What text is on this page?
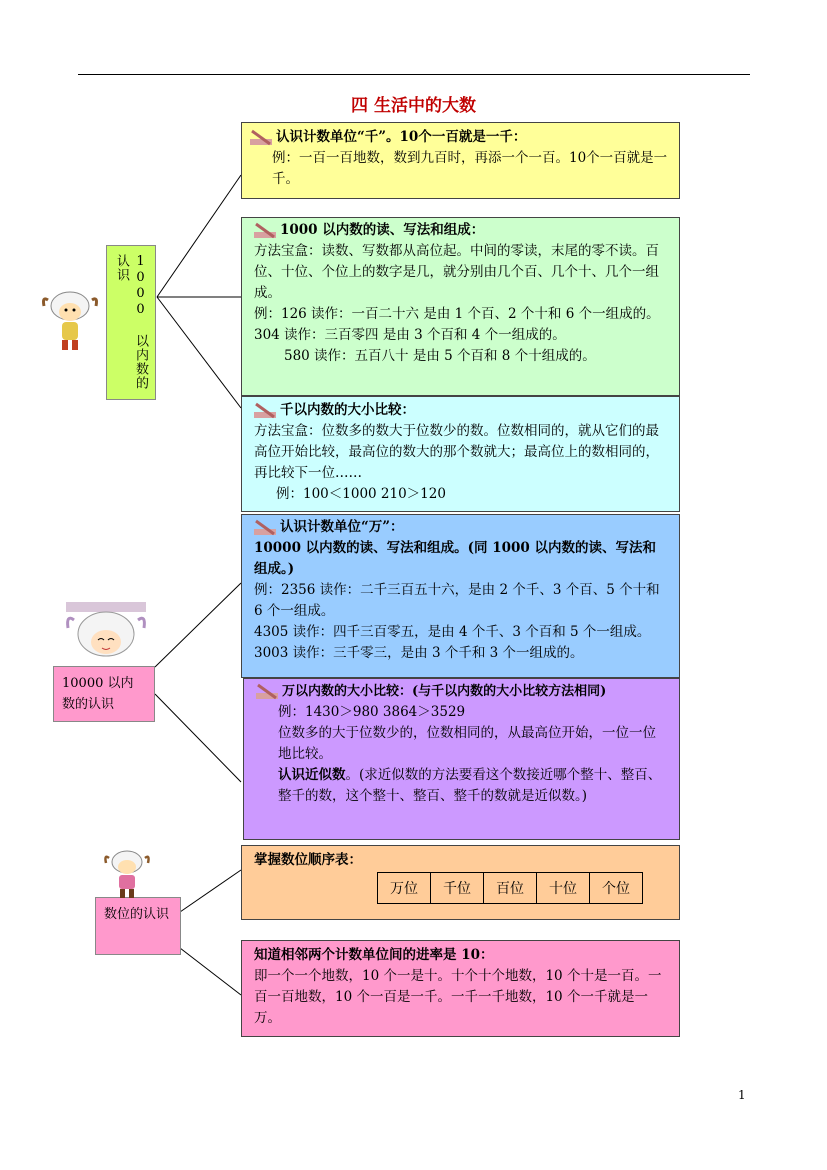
四 生活中的大数
1000 以内数的认识
10000 以内数的认识
数位的认识

认识计数单位“千”。10个一百就是一千：

例：一百一百地数，数到九百时，再添一个一百。10个一百就是一千。

1000 以内数的读、写法和组成：

方法宝盒：读数、写数都从高位起。中间的零读，末尾的零不读。百位、十位、个位上的数字是几，就分别由几个百、几个十、几个一组成。

例：126 读作：一百二十六 是由 1 个百、2 个十和 6 个一组成的。304 读作：三百零四 是由 3 个百和 4 个一组成的。

580 读作：五百八十 是由 5 个百和 8 个十组成的。

千以内数的大小比较：

方法宝盒：位数多的数大于位数少的数。位数相同的，就从它们的最高位开始比较，最高位的数大的那个数就大；最高位上的数相同的，再比较下一位……

例：100＜1000 210＞120

认识计数单位“万”：

10000 以内数的读、写法和组成。(同 1000 以内数的读、写法和组成。)

例：2356 读作：二千三百五十六，是由 2 个千、3 个百、5 个十和 6 个一组成。

4305 读作：四千三百零五，是由 4 个千、3 个百和 5 个一组成。3003 读作：三千零三，是由 3 个千和 3 个一组成的。

万以内数的大小比较：(与千以内数的大小比较方法相同)

例：1430＞980 3864＞3529

位数多的大于位数少的，位数相同的，从最高位开始，一位一位地比较。

认识近似数。(求近似数的方法要看这个数接近哪个整十、整百、整千的数，这个整十、整百、整千的数就是近似数。)

掌握数位顺序表：

万位	千位	百位	十位	个位

知道相邻两个计数单位间的进率是 10：

即一个一个地数，10 个一是十。十个十个地数，10 个十是一百。一百一百地数，10 个一百是一千。一千一千地数，10 个一千就是一万。

1
